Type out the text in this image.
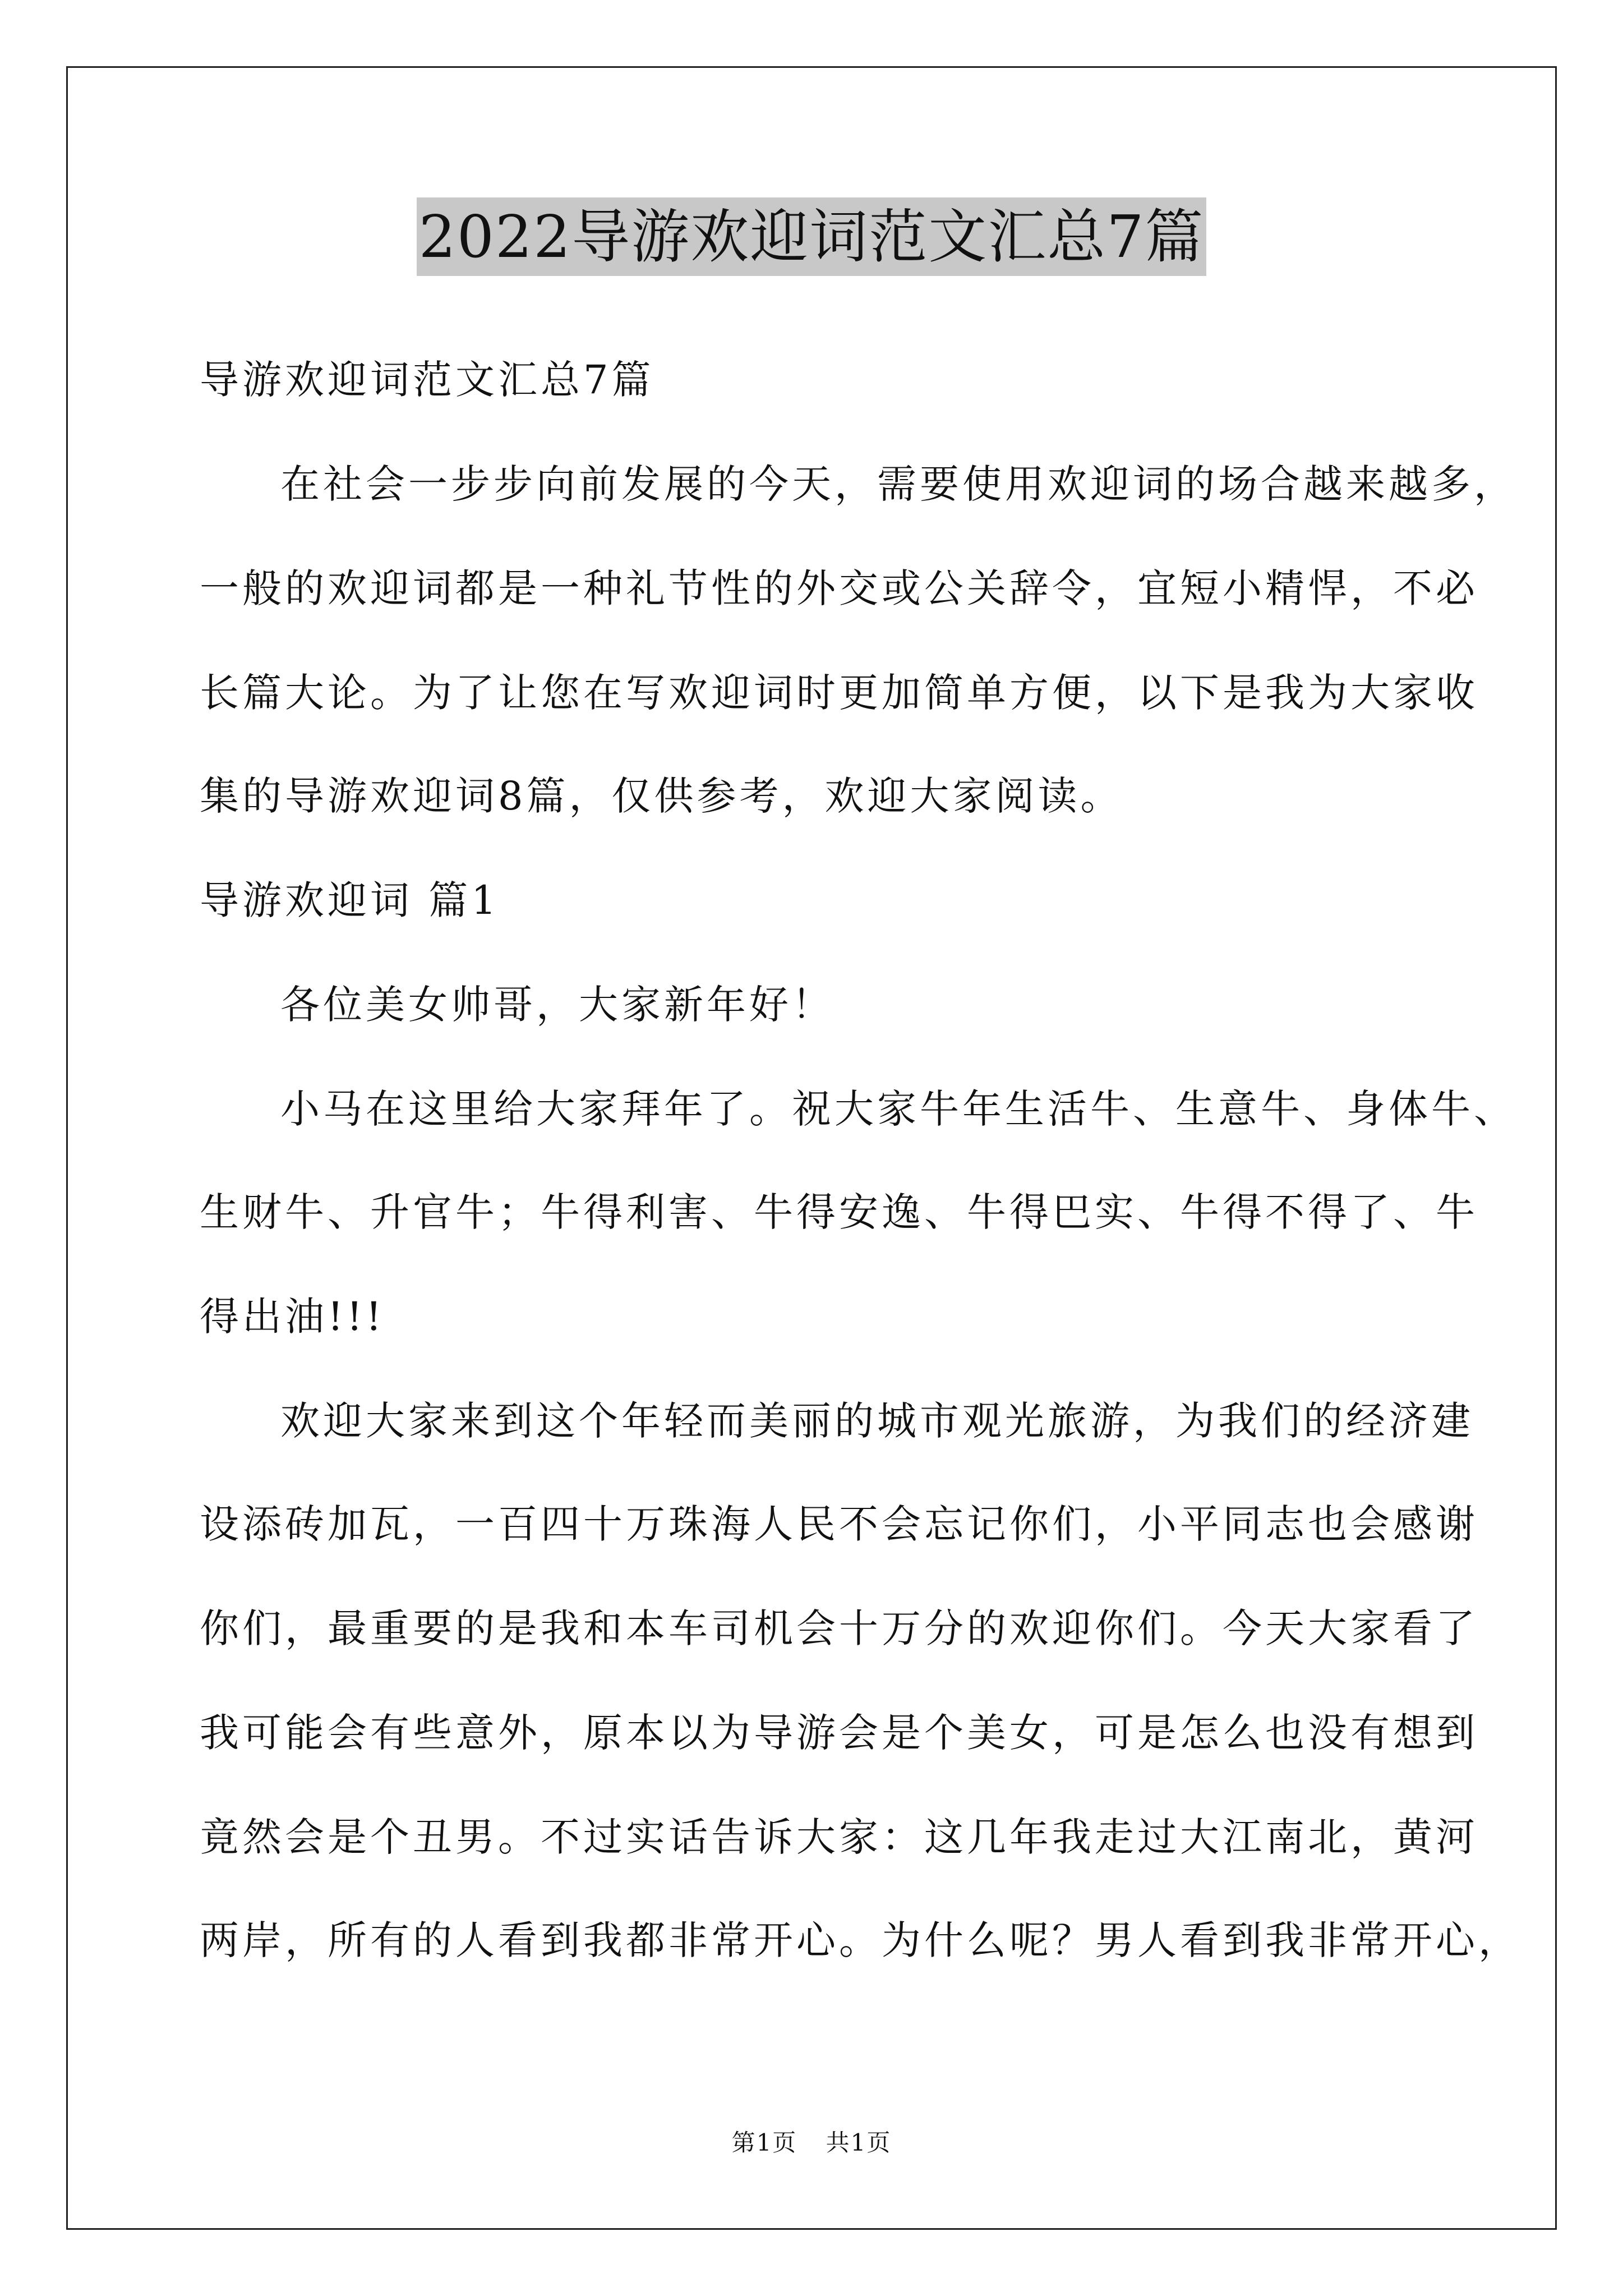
2022导游欢迎词范文汇总7篇
导游欢迎词范文汇总7篇
在社会一步步向前发展的今天，需要使用欢迎词的场合越来越多，
一般的欢迎词都是一种礼节性的外交或公关辞令，宜短小精悍，不必
长篇大论。为了让您在写欢迎词时更加简单方便，以下是我为大家收
集的导游欢迎词8篇，仅供参考，欢迎大家阅读。
导游欢迎词 篇1
各位美女帅哥，大家新年好！
小马在这里给大家拜年了。祝大家牛年生活牛、生意牛、身体牛、
生财牛、升官牛；牛得利害、牛得安逸、牛得巴实、牛得不得了、牛
得出油!!!
欢迎大家来到这个年轻而美丽的城市观光旅游，为我们的经济建
设添砖加瓦，一百四十万珠海人民不会忘记你们，小平同志也会感谢
你们，最重要的是我和本车司机会十万分的欢迎你们。今天大家看了
我可能会有些意外，原本以为导游会是个美女，可是怎么也没有想到
竟然会是个丑男。不过实话告诉大家：这几年我走过大江南北，黄河
两岸，所有的人看到我都非常开心。为什么呢？男人看到我非常开心，
第1页 共1页
